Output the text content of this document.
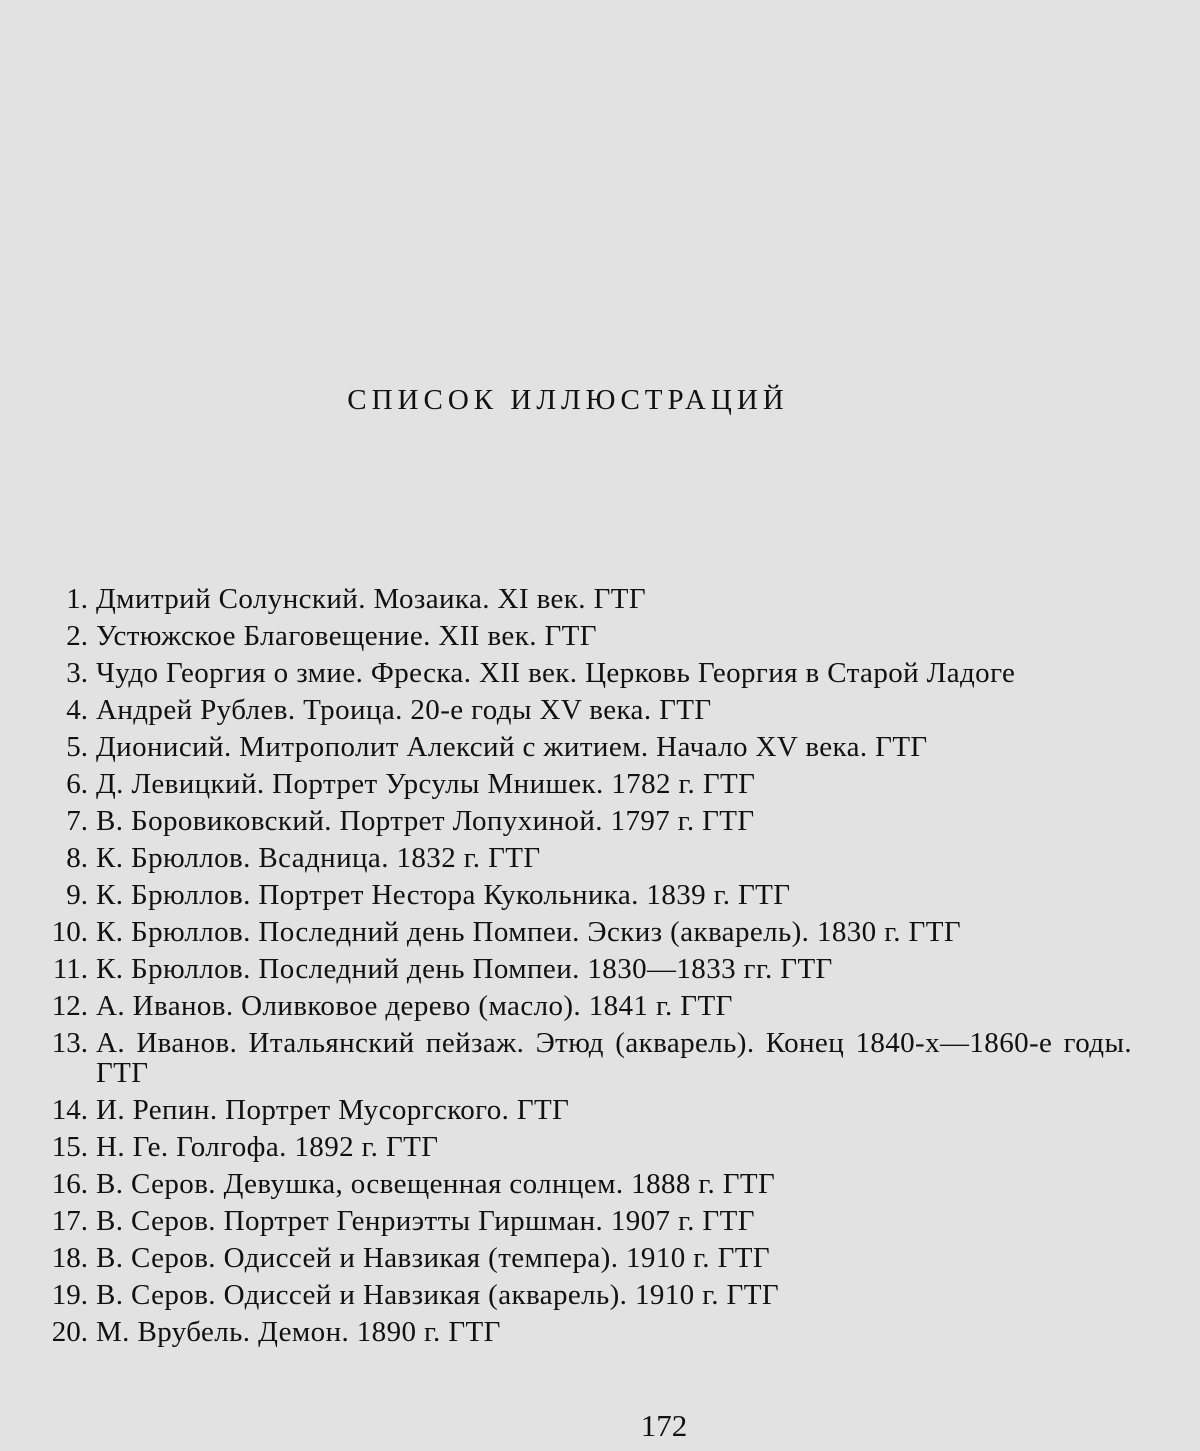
СПИСОК ИЛЛЮСТРАЦИЙ
1. Дмитрий Солунский. Мозаика. XI век. ГТГ
2. Устюжское Благовещение. XII век. ГТГ
3. Чудо Георгия о змие. Фреска. XII век. Церковь Георгия в Старой Ладоге
4. Андрей Рублев. Троица. 20-е годы XV века. ГТГ
5. Дионисий. Митрополит Алексий с житием. Начало XV века. ГТГ
6. Д. Левицкий. Портрет Урсулы Мнишек. 1782 г. ГТГ
7. В. Боровиковский. Портрет Лопухиной. 1797 г. ГТГ
8. К. Брюллов. Всадница. 1832 г. ГТГ
9. К. Брюллов. Портрет Нестора Кукольника. 1839 г. ГТГ
10. К. Брюллов. Последний день Помпеи. Эскиз (акварель). 1830 г. ГТГ
11. К. Брюллов. Последний день Помпеи. 1830—1833 гг. ГТГ
12. А. Иванов. Оливковое дерево (масло). 1841 г. ГТГ
13. А. Иванов. Итальянский пейзаж. Этюд (акварель). Конец 1840-х—1860-е годы. ГТГ
14. И. Репин. Портрет Мусоргского. ГТГ
15. Н. Ге. Голгофа. 1892 г. ГТГ
16. В. Серов. Девушка, освещенная солнцем. 1888 г. ГТГ
17. В. Серов. Портрет Генриэтты Гиршман. 1907 г. ГТГ
18. В. Серов. Одиссей и Навзикая (темпера). 1910 г. ГТГ
19. В. Серов. Одиссей и Навзикая (акварель). 1910 г. ГТГ
20. М. Врубель. Демон. 1890 г. ГТГ
172
